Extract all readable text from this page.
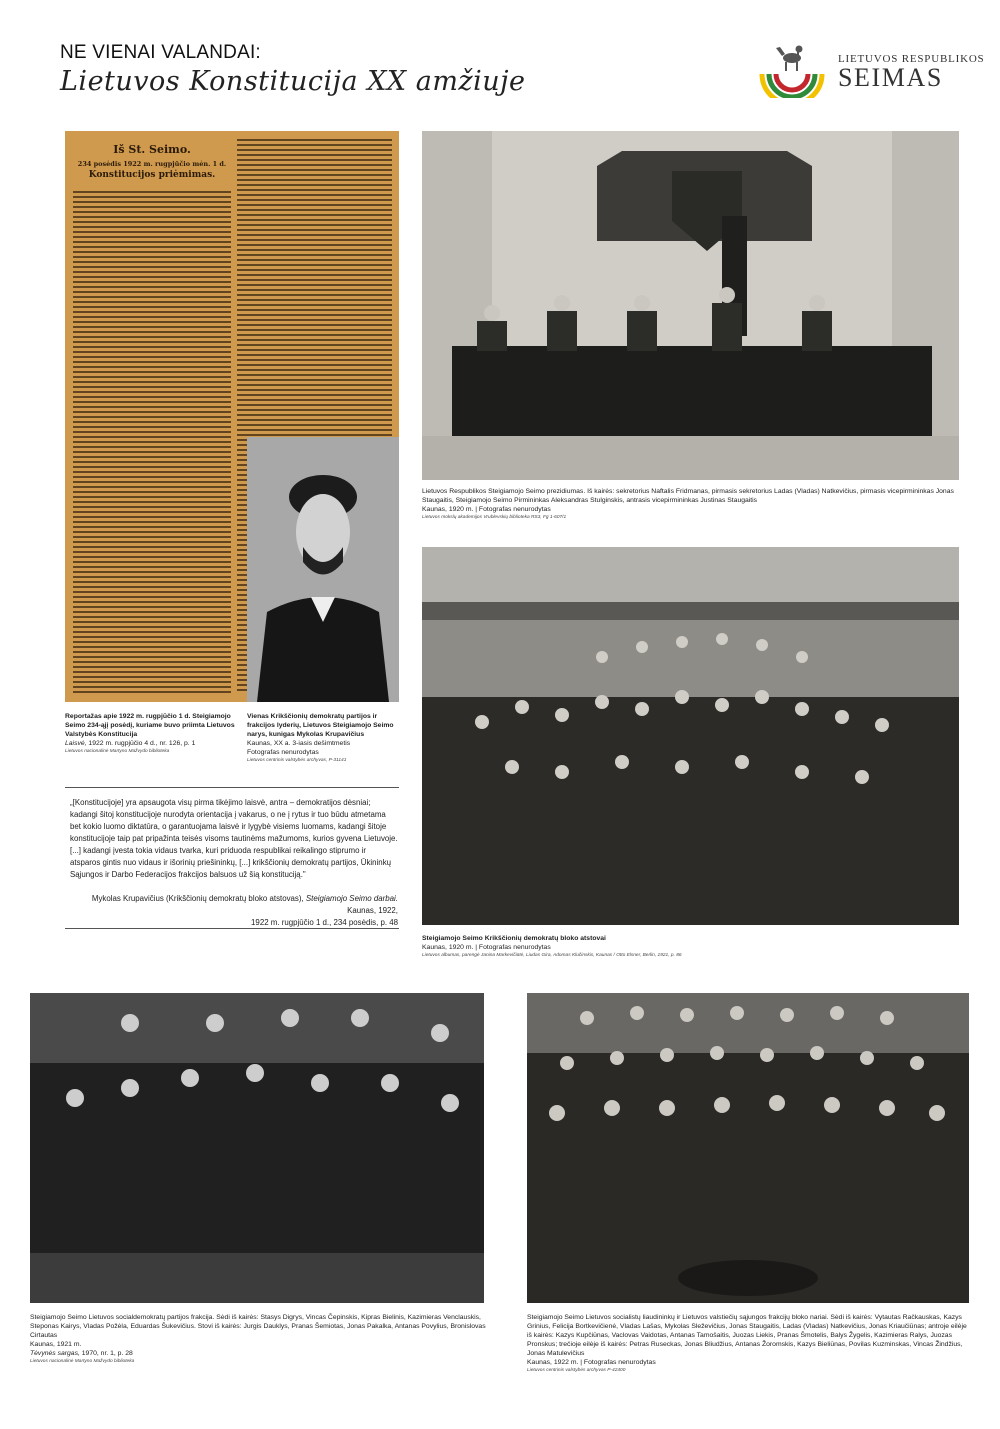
NE VIENAI VALANDAI:
Lietuvos Konstitucija XX amžiuje
LIETUVOS RESPUBLIKOS
SEIMAS
Iš St. Seimo.
234 posėdis 1922 m. rugpjūčio mėn. 1 d.
Konstitucijos priėmimas.
Reportažas apie 1922 m. rugpjūčio 1 d. Steigiamojo Seimo 234-ąjį posėdį, kuriame buvo priimta Lietuvos Valstybės Konstitucija
Laisvė, 1922 m. rugpjūčio 4 d., nr. 126, p. 1
Lietuvos nacionalinė Martyno Mažvydo biblioteka
Vienas Krikščionių demokratų partijos ir frakcijos lyderių, Lietuvos Steigiamojo Seimo narys, kunigas Mykolas Krupavičius
Kaunas, XX a. 3-iasis dešimtmetis
Fotografas nenurodytas
Lietuvos centrinis valstybės archyvas, P-31141
Lietuvos Respublikos Steigiamojo Seimo prezidiumas. Iš kairės: sekretorius Naftalis Fridmanas, pirmasis sekretorius Ladas (Vladas) Natkevičius, pirmasis vicepirmininkas Jonas Staugaitis, Steigiamojo Seimo Pirmininkas Aleksandras Stulginskis, antrasis vicepirmininkas Justinas Staugaitis
Kaunas, 1920 m. | Fotografas nenurodytas
Lietuvos mokslų akademijos Vrublevskių biblioteka RS3, Fg 1-607/1
„[Konstitucijoje] yra apsaugota visų pirma tikėjimo laisvė, antra – demokratijos dėsniai; kadangi šitoj konstitucijoje nurodyta orientacija į vakarus, o ne į rytus ir tuo būdu atmetama bet kokio luomo diktatūra, o garantuojama laisvė ir lygybė visiems luomams, kadangi šitoje konstitucijoje taip pat pripažinta teisės visoms tautinėms mažumoms, kurios gyvena Lietuvoje. [...] kadangi įvesta tokia vidaus tvarka, kuri priduoda respublikai reikalingo stiprumo ir atsparos gintis nuo vidaus ir išorinių priešininkų, [...] krikščionių demokratų partijos, Ūkininkų Sąjungos ir Darbo Federacijos frakcijos balsuos už šią konstituciją."
Mykolas Krupavičius (Krikščionių demokratų bloko atstovas), Steigiamojo Seimo darbai. Kaunas, 1922,
1922 m. rugpjūčio 1 d., 234 posėdis, p. 48
Steigiamojo Seimo Krikščionių demokratų bloko atstovai
Kaunas, 1920 m. | Fotografas nenurodytas
Lietuvos albumas, parengė Janina Markevičiūtė, Liudas Gira, Adomas Klučinskis, Kaunas / Otto Elsner, Berlin, 1921, p. 86
Steigiamojo Seimo Lietuvos socialdemokratų partijos frakcija. Sėdi iš kairės: Stasys Digrys, Vincas Čepinskis, Kipras Bielinis, Kazimieras Venclauskis, Steponas Kairys, Vladas Požėla, Eduardas Šukevičius. Stovi iš kairės: Jurgis Dauklys, Pranas Šemiotas, Jonas Pakalka, Antanas Povylius, Bronislovas Cirtautas
Kaunas, 1921 m.
Tėvynės sargas, 1970, nr. 1, p. 28
Lietuvos nacionalinė Martyno Mažvydo biblioteka
Steigiamojo Seimo Lietuvos socialistų liaudininkų ir Lietuvos valstiečių sąjungos frakcijų bloko nariai. Sėdi iš kairės: Vytautas Račkauskas, Kazys Grinius, Felicija Bortkevičienė, Vladas Lašas, Mykolas Sleževičius, Jonas Staugaitis, Ladas (Vladas) Natkevičius, Jonas Kriaučiūnas; antroje eilėje iš kairės: Kazys Kupčiūnas, Vaclovas Vaidotas, Antanas Tamošaitis, Juozas Liekis, Pranas Šmotelis, Balys Žygelis, Kazimieras Ralys, Juozas Pronskus; trečioje eilėje iš kairės: Petras Ruseckas, Jonas Bliudžius, Antanas Žoromskis, Kazys Bieliūnas, Povilas Kuzminskas, Vincas Žindžius, Jonas Matulevičius
Kaunas, 1922 m. | Fotografas nenurodytas
Lietuvos centrinis valstybės archyvas P-42400
